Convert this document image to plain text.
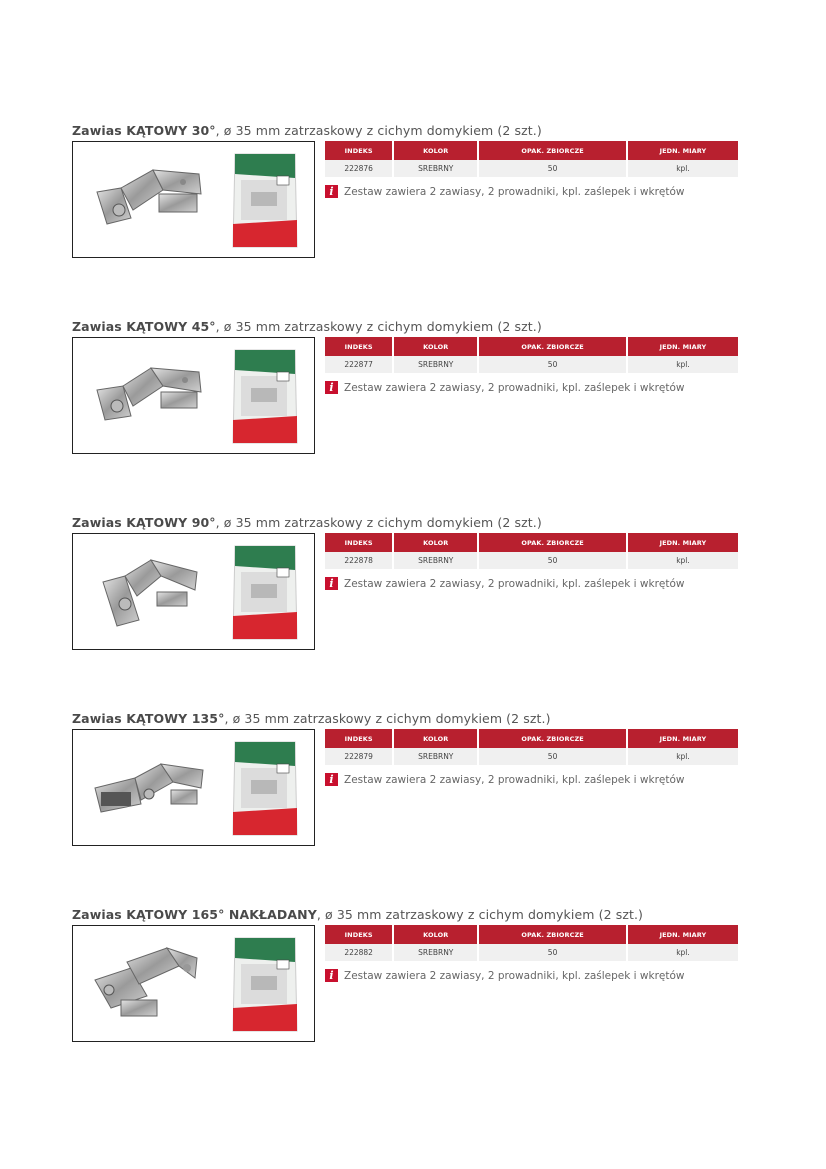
Zawias KĄTOWY 30°, ø 35 mm zatrzaskowy z cichym domykiem (2 szt.)
INDEKS	KOLOR	OPAK. ZBIORCZE	JEDN. MIARY
222876	SREBRNY	50	kpl.
i Zestaw zawiera 2 zawiasy, 2 prowadniki, kpl. zaślepek i wkrętów
Zawias KĄTOWY 45°, ø 35 mm zatrzaskowy z cichym domykiem (2 szt.)
INDEKS	KOLOR	OPAK. ZBIORCZE	JEDN. MIARY
222877	SREBRNY	50	kpl.
i Zestaw zawiera 2 zawiasy, 2 prowadniki, kpl. zaślepek i wkrętów
Zawias KĄTOWY 90°, ø 35 mm zatrzaskowy z cichym domykiem (2 szt.)
INDEKS	KOLOR	OPAK. ZBIORCZE	JEDN. MIARY
222878	SREBRNY	50	kpl.
i Zestaw zawiera 2 zawiasy, 2 prowadniki, kpl. zaślepek i wkrętów
Zawias KĄTOWY 135°, ø 35 mm zatrzaskowy z cichym domykiem (2 szt.)
INDEKS	KOLOR	OPAK. ZBIORCZE	JEDN. MIARY
222879	SREBRNY	50	kpl.
i Zestaw zawiera 2 zawiasy, 2 prowadniki, kpl. zaślepek i wkrętów
Zawias KĄTOWY 165° NAKŁADANY, ø 35 mm zatrzaskowy z cichym domykiem (2 szt.)
INDEKS	KOLOR	OPAK. ZBIORCZE	JEDN. MIARY
222882	SREBRNY	50	kpl.
i Zestaw zawiera 2 zawiasy, 2 prowadniki, kpl. zaślepek i wkrętów
